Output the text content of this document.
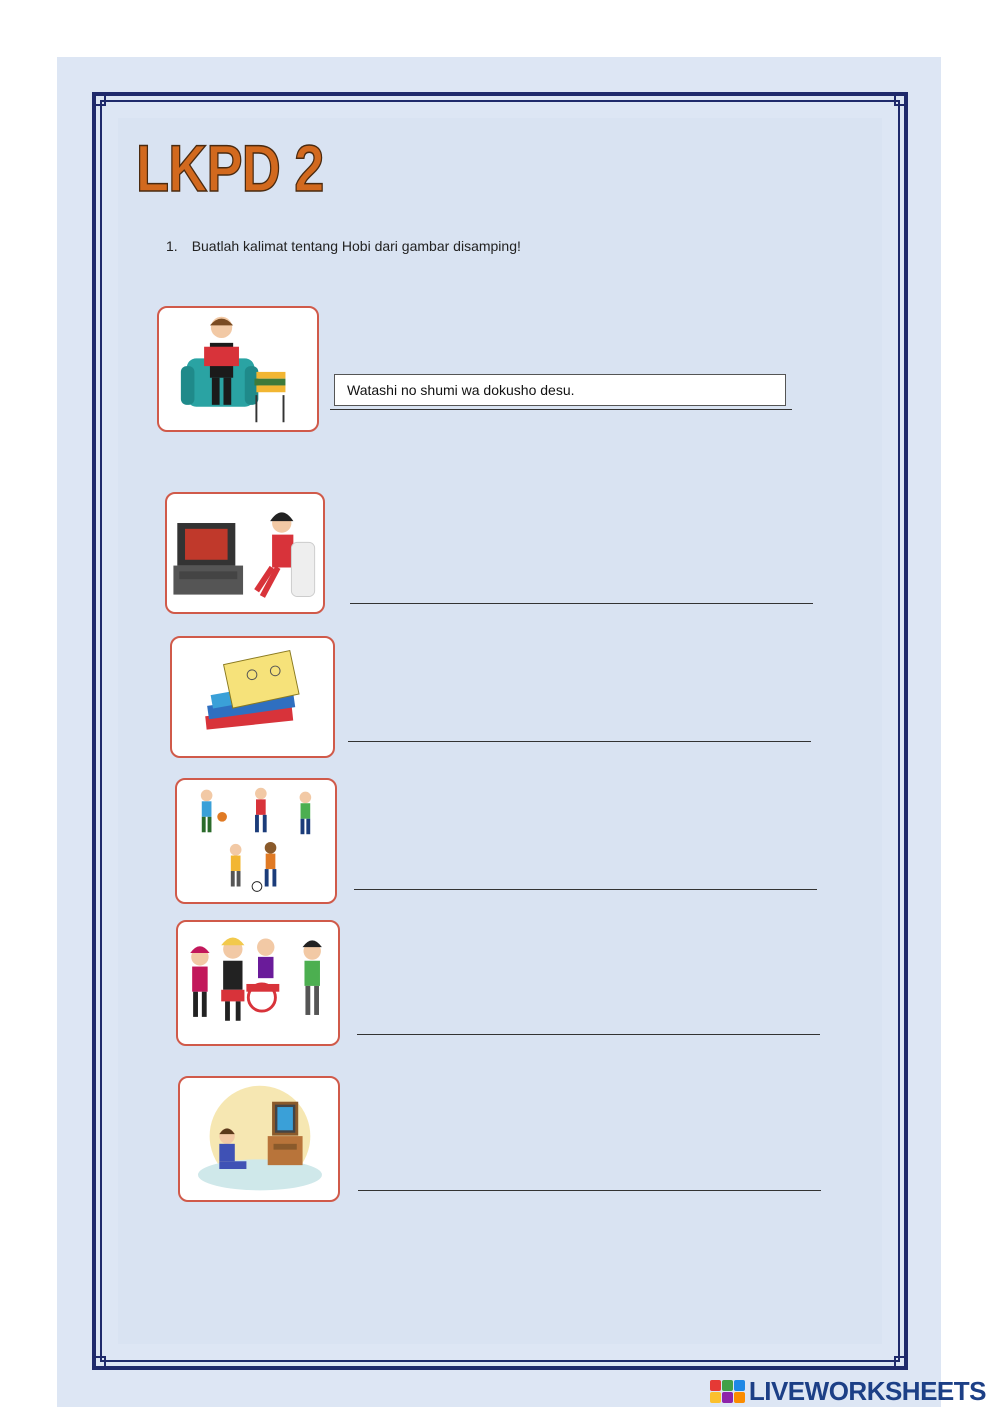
LKPD 2
1. Buatlah kalimat tentang Hobi dari gambar disamping!
Watashi no shumi wa dokusho desu.
LIVEWORKSHEETS
